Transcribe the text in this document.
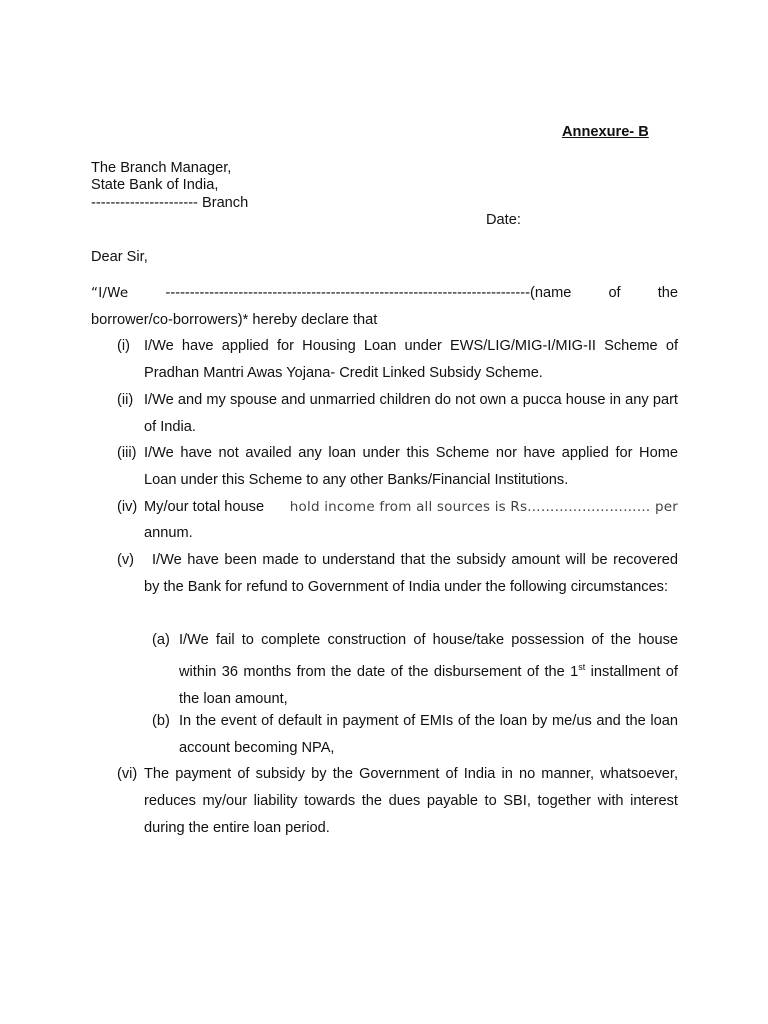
Annexure- B
The Branch Manager,
State Bank of India,
---------------------- Branch
Date:
Dear Sir,
“I/We	---------------------------------------------------------------------------(name	of	the
borrower/co-borrowers)* hereby declare that
(i) I/We have applied for Housing Loan under EWS/LIG/MIG-I/MIG-II Scheme of Pradhan Mantri Awas Yojana- Credit Linked Subsidy Scheme.
(ii) I/We and my spouse and unmarried children do not own a pucca house in any part of India.
(iii) I/We have not availed any loan under this Scheme nor have applied for Home Loan under this Scheme to any other Banks/Financial Institutions.
(iv) My/our total house hold income from all sources is Rs……………………… per
annum.
(v)	I/We have been made to understand that the subsidy amount will be recovered by the Bank for refund to Government of India under the following circumstances:
(a) I/We fail to complete construction of house/take possession of the house within 36 months from the date of the disbursement of the 1st installment of the loan amount,
(b) In the event of default in payment of EMIs of the loan by me/us and the loan account becoming NPA,
(vi) The payment of subsidy by the Government of India in no manner, whatsoever, reduces my/our liability towards the dues payable to SBI, together with interest during the entire loan period.
